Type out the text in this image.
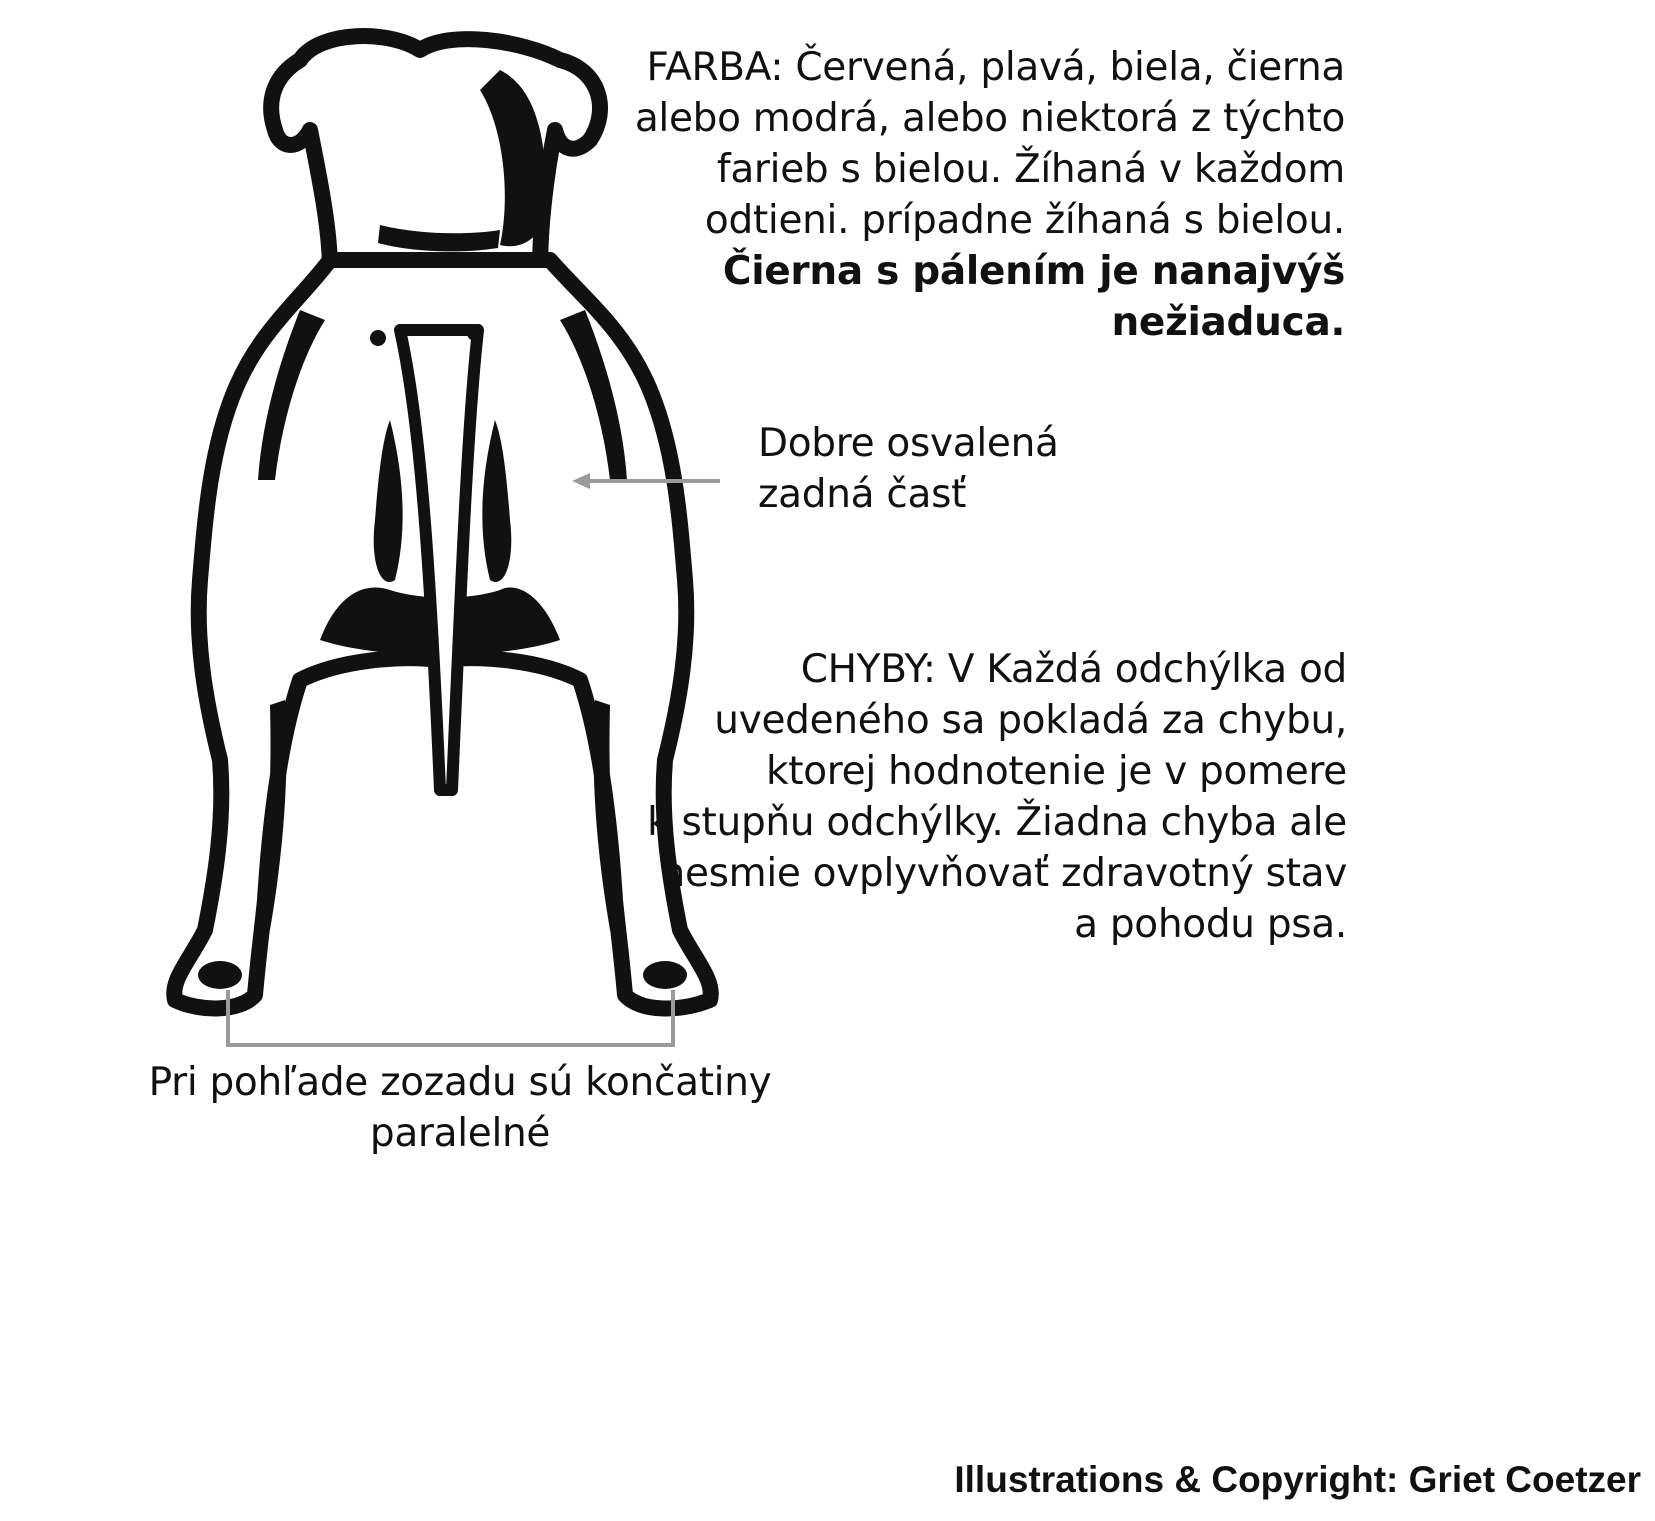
FARBA: Červená, plavá, biela, čierna
alebo modrá, alebo niektorá z týchto
farieb s bielou. Žíhaná v každom
odtieni. prípadne žíhaná s bielou.
Čierna s pálením je nanajvýš
nežiaduca.
Dobre osvalená
zadná časť
CHYBY: V Každá odchýlka od
uvedeného sa pokladá za chybu,
ktorej hodnotenie je v pomere
k stupňu odchýlky. Žiadna chyba ale
nesmie ovplyvňovať zdravotný stav
a pohodu psa.
Pri pohľade zozadu sú končatiny
paralelné
Illustrations & Copyright: Griet Coetzer
